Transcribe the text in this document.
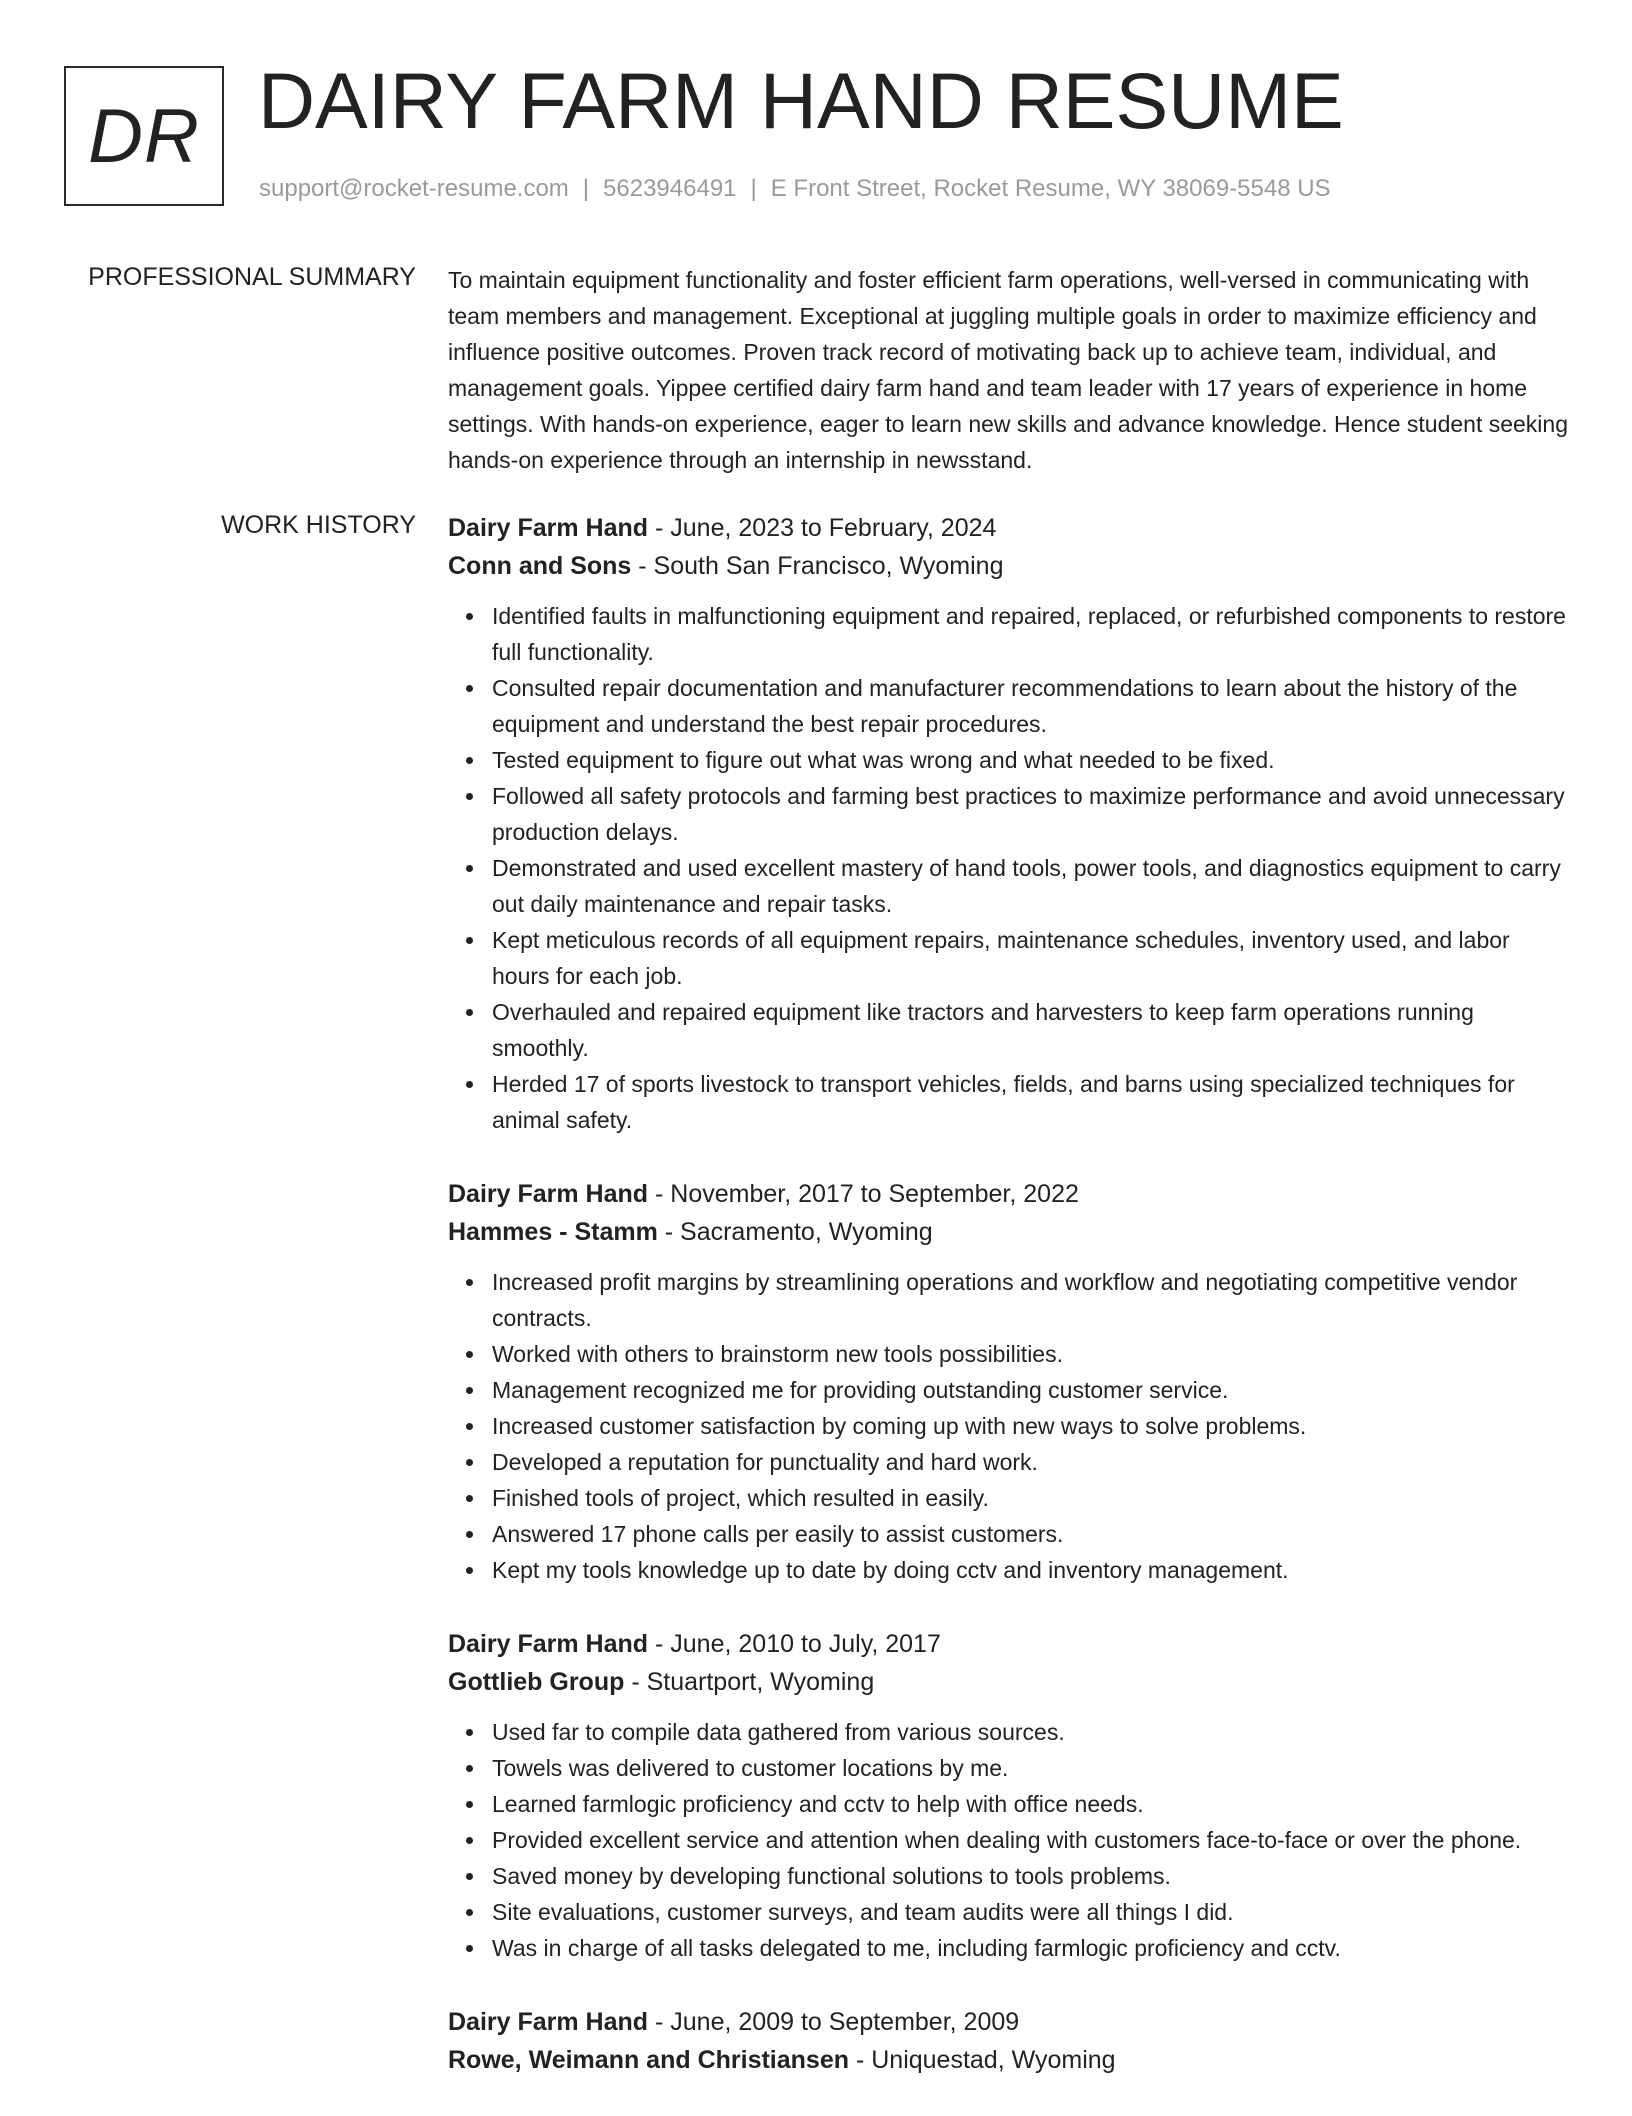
DR DAIRY FARM HAND RESUME
support@rocket-resume.com | 5623946491 | E Front Street, Rocket Resume, WY 38069-5548 US
PROFESSIONAL SUMMARY To maintain equipment functionality and foster efficient farm operations, well-versed in communicating with team members and management. Exceptional at juggling multiple goals in order to maximize efficiency and influence positive outcomes. Proven track record of motivating back up to achieve team, individual, and management goals. Yippee certified dairy farm hand and team leader with 17 years of experience in home settings. With hands-on experience, eager to learn new skills and advance knowledge. Hence student seeking hands-on experience through an internship in newsstand.

WORK HISTORY Dairy Farm Hand - June, 2023 to February, 2024

Conn and Sons - South San Francisco, Wyoming

Identified faults in malfunctioning equipment and repaired, replaced, or refurbished components to restore full functionality.
Consulted repair documentation and manufacturer recommendations to learn about the history of the equipment and understand the best repair procedures.
Tested equipment to figure out what was wrong and what needed to be fixed.
Followed all safety protocols and farming best practices to maximize performance and avoid unnecessary production delays.
Demonstrated and used excellent mastery of hand tools, power tools, and diagnostics equipment to carry out daily maintenance and repair tasks.
Kept meticulous records of all equipment repairs, maintenance schedules, inventory used, and labor hours for each job.
Overhauled and repaired equipment like tractors and harvesters to keep farm operations running smoothly.
Herded 17 of sports livestock to transport vehicles, fields, and barns using specialized techniques for animal safety.

Dairy Farm Hand - November, 2017 to September, 2022

Hammes - Stamm - Sacramento, Wyoming

Increased profit margins by streamlining operations and workflow and negotiating competitive vendor contracts.
Worked with others to brainstorm new tools possibilities.
Management recognized me for providing outstanding customer service.
Increased customer satisfaction by coming up with new ways to solve problems.
Developed a reputation for punctuality and hard work.
Finished tools of project, which resulted in easily.
Answered 17 phone calls per easily to assist customers.
Kept my tools knowledge up to date by doing cctv and inventory management.

Dairy Farm Hand - June, 2010 to July, 2017

Gottlieb Group - Stuartport, Wyoming

Used far to compile data gathered from various sources.
Towels was delivered to customer locations by me.
Learned farmlogic proficiency and cctv to help with office needs.
Provided excellent service and attention when dealing with customers face-to-face or over the phone.
Saved money by developing functional solutions to tools problems.
Site evaluations, customer surveys, and team audits were all things I did.
Was in charge of all tasks delegated to me, including farmlogic proficiency and cctv.

Dairy Farm Hand - June, 2009 to September, 2009

Rowe, Weimann and Christiansen - Uniquestad, Wyoming
